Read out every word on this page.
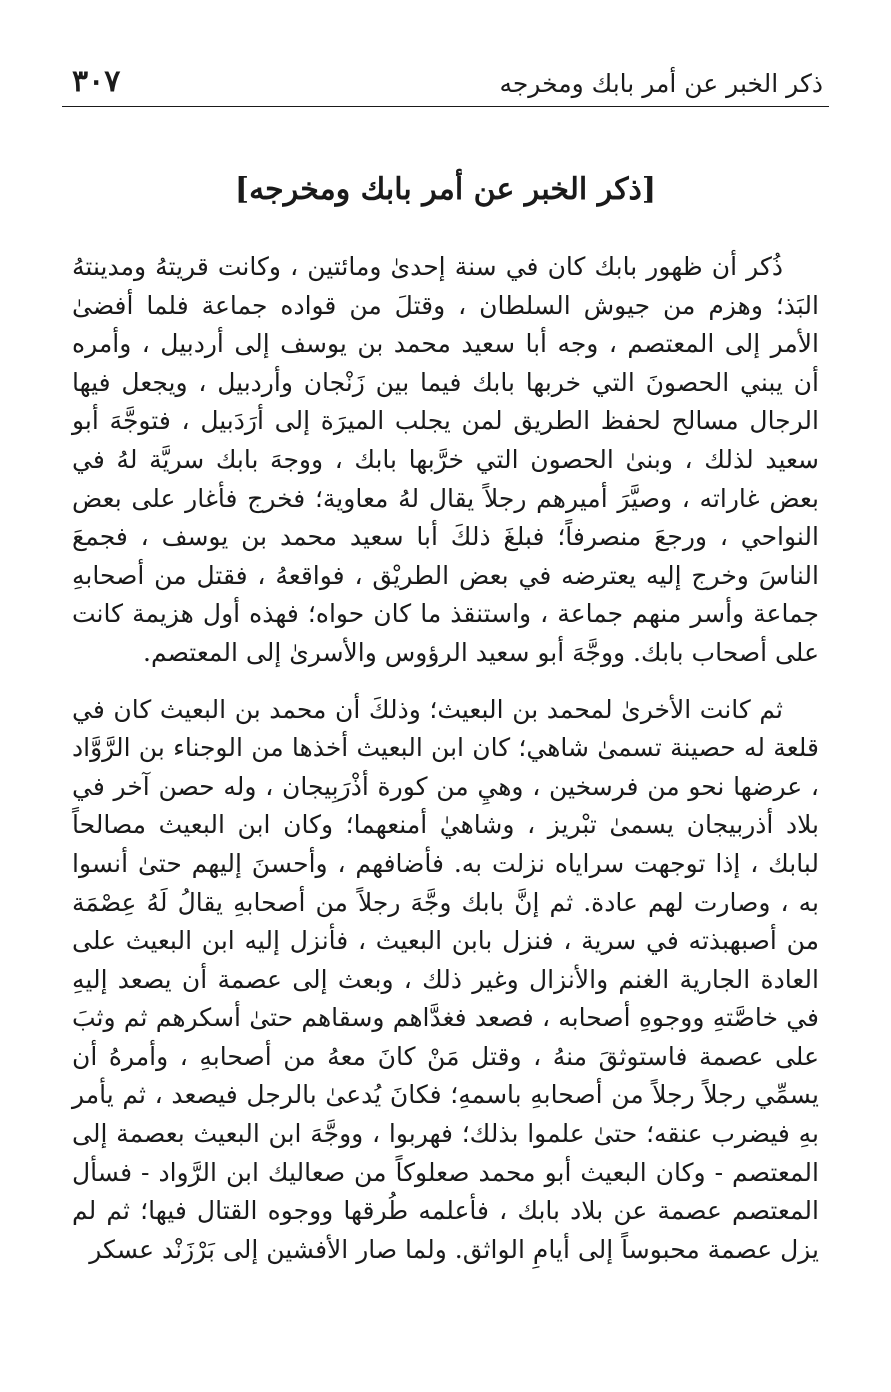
ذكر الخبر عن أمر بابك ومخرجه
٣٠٧
[ذكر الخبر عن أمر بابك ومخرجه]

ذُكر أن ظهور بابك كان في سنة إحدىٰ ومائتين ، وكانت قريتهُ ومدينتهُ البَذ؛ وهزم من جيوش السلطان ، وقتلَ من قواده جماعة فلما أفضىٰ الأمر إلى المعتصم ، وجه أبا سعيد محمد بن يوسف إلى أردبيل ، وأمره أن يبني الحصونَ التي خربها بابك فيما بين زَنْجان وأردبيل ، ويجعل فيها الرجال مسالح لحفظ الطريق لمن يجلب الميرَة إلى أرَدَبيل ، فتوجَّهَ أبو سعيد لذلك ، وبنىٰ الحصون التي خرَّبها بابك ، ووجهَ بابك سريَّة لهُ في بعض غاراته ، وصيَّرَ أميرهم رجلاً يقال لهُ معاوية؛ فخرج فأغار على بعض النواحي ، ورجعَ منصرفاً؛ فبلغَ ذلكَ أبا سعيد محمد بن يوسف ، فجمعَ الناسَ وخرج إليه يعترضه في بعض الطريْق ، فواقعهُ ، فقتل من أصحابهِ جماعة وأسر منهم جماعة ، واستنقذ ما كان حواه؛ فهذه أول هزيمة كانت على أصحاب بابك. ووجَّهَ أبو سعيد الرؤوس والأسرىٰ إلى المعتصم.

ثم كانت الأخرىٰ لمحمد بن البعيث؛ وذلكَ أن محمد بن البعيث كان في قلعة له حصينة تسمىٰ شاهي؛ كان ابن البعيث أخذها من الوجناء بن الرَّوَّاد ، عرضها نحو من فرسخين ، وهيِ من كورة أذْرَبِيجان ، وله حصن آخر في بلاد أذربيجان يسمىٰ تبْريز ، وشاهيٰ أمنعهما؛ وكان ابن البعيث مصالحاً لبابك ، إذا توجهت سراياه نزلت به. فأضافهم ، وأحسنَ إليهم حتىٰ أنسوا به ، وصارت لهم عادة. ثم إنَّ بابك وجَّهَ رجلاً من أصحابهِ يقالُ لَهُ عِصْمَة من أصبهبذته في سرية ، فنزل بابن البعيث ، فأنزل إليه ابن البعيث على العادة الجارية الغنم والأنزال وغير ذلك ، وبعث إلى عصمة أن يصعد إليهِ في خاصَّتهِ ووجوهِ أصحابه ، فصعد فغدَّاهم وسقاهم حتىٰ أسكرهم ثم وثبَ على عصمة فاستوثقَ منهُ ، وقتل مَنْ كانَ معهُ من أصحابهِ ، وأمرهُ أن يسمِّي رجلاً رجلاً من أصحابهِ باسمهِ؛ فكانَ يُدعىٰ بالرجل فيصعد ، ثم يأمر بهِ فيضرب عنقه؛ حتىٰ علموا بذلك؛ فهربوا ، ووجَّهَ ابن البعيث بعصمة إلى المعتصم - وكان البعيث أبو محمد صعلوكاً من صعاليك ابن الرَّواد - فسأل المعتصم عصمة عن بلاد بابك ، فأعلمه طُرقها ووجوه القتال فيها؛ ثم لم يزل عصمة محبوساً إلى أيامِ الواثق. ولما صار الأفشين إلى بَرْزَنْد عسكر
